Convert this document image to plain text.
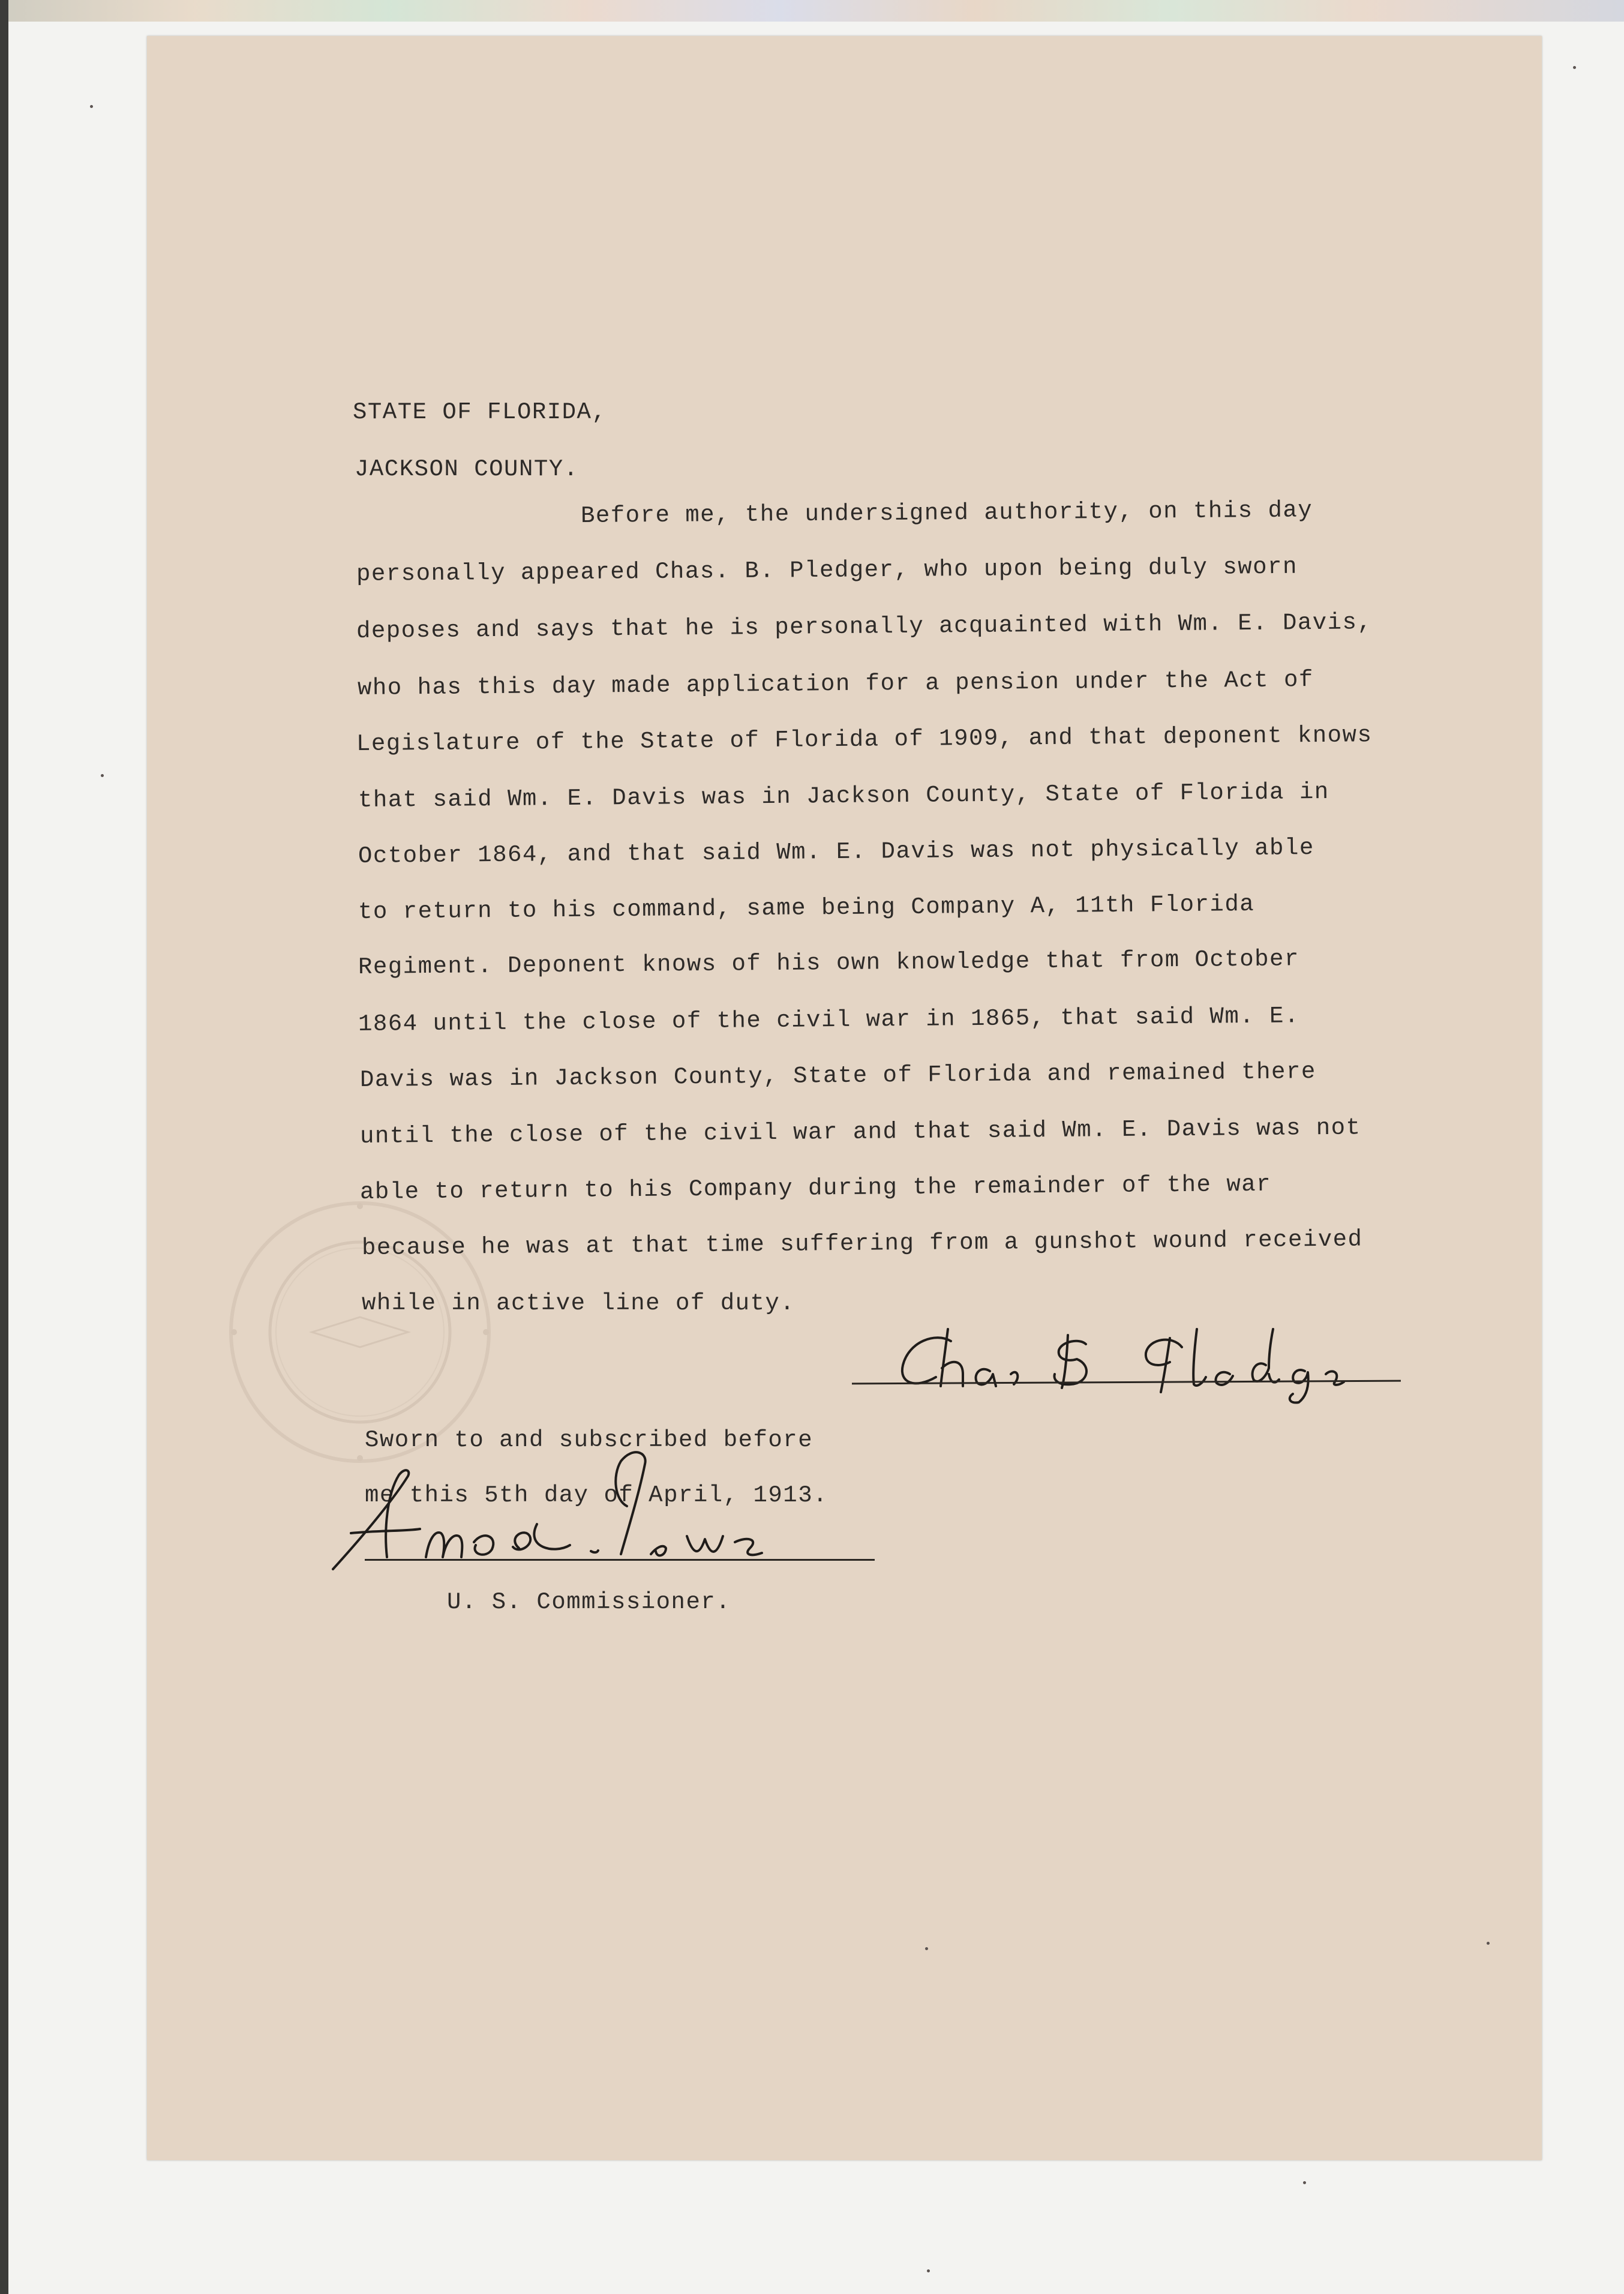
STATE OF FLORIDA,
JACKSON COUNTY.
Before me, the undersigned authority, on this day
personally appeared Chas. B. Pledger, who upon being duly sworn
deposes and says that he is personally acquainted with Wm. E. Davis,
who has this day made application for a pension under the Act of
Legislature of the State of Florida of 1909, and that deponent knows
that said Wm. E. Davis was in Jackson County, State of Florida in
October 1864, and that said Wm. E. Davis was not physically able
to return to his command, same being Company A, 11th Florida
Regiment. Deponent knows of his own knowledge that from October
1864 until the close of the civil war in 1865, that said Wm. E.
Davis was in Jackson County, State of Florida and remained there
until the close of the civil war and that said Wm. E. Davis was not
able to return to his Company during the remainder of the war
because he was at that time suffering from a gunshot wound received
while in active line of duty.
Sworn to and subscribed before
me this 5th day of April, 1913.
U. S. Commissioner.
